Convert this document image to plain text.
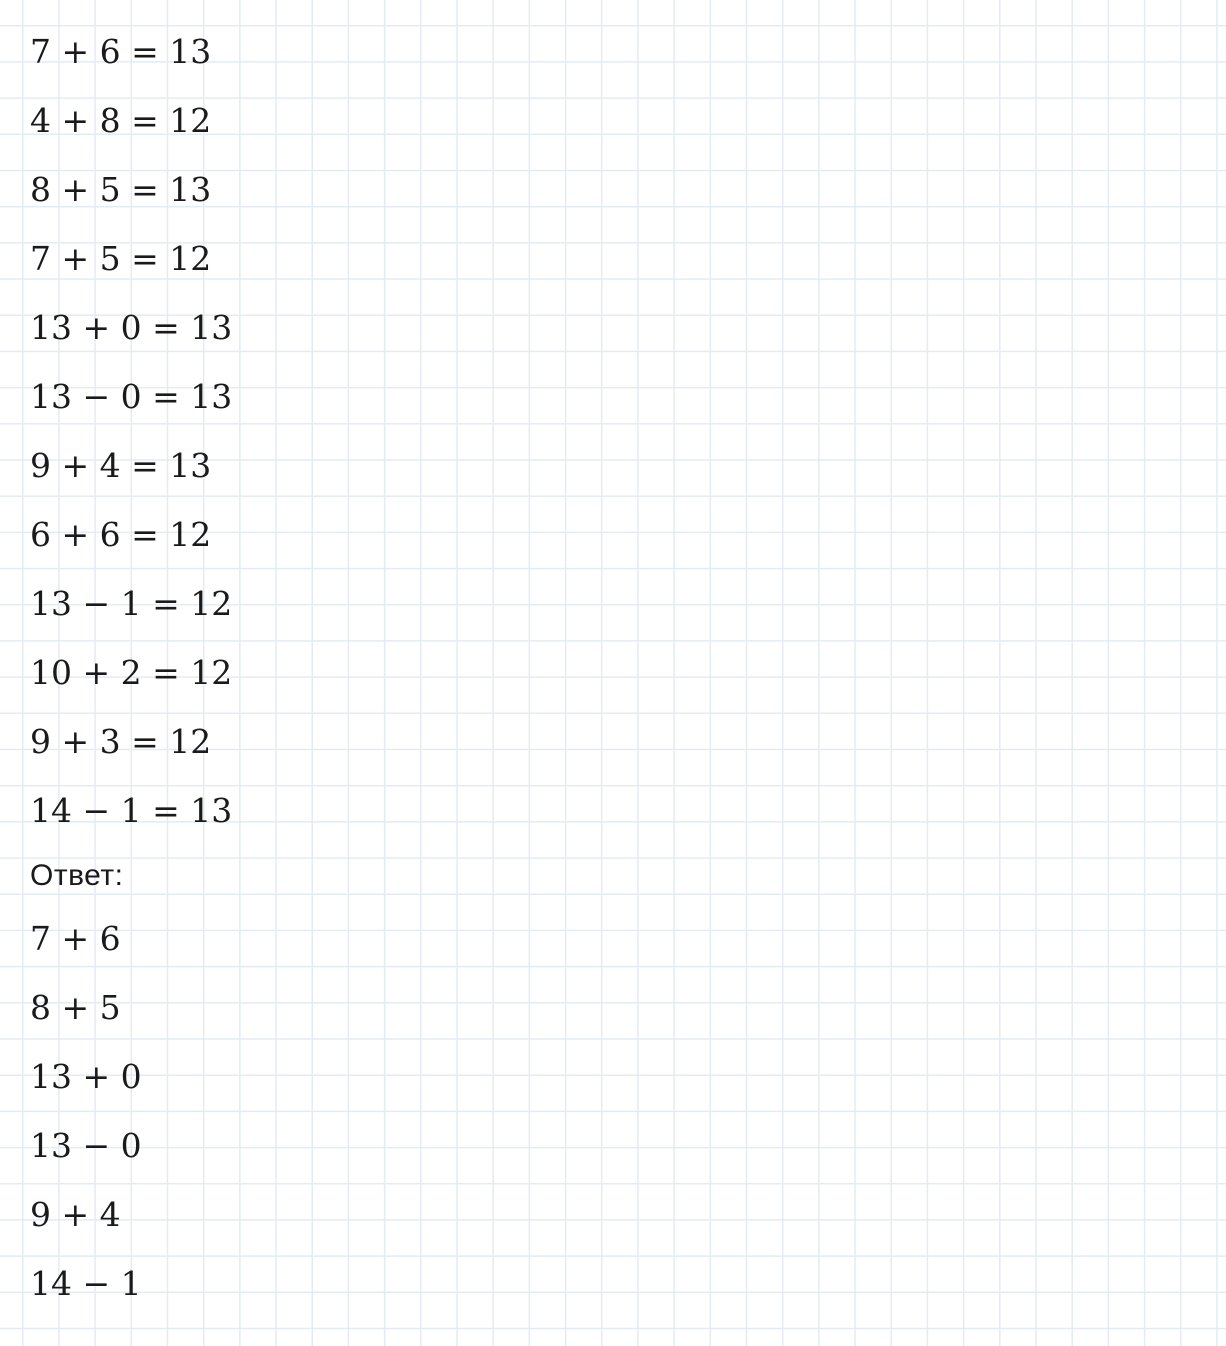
7 + 6 = 13
4 + 8 = 12
8 + 5 = 13
7 + 5 = 12
13 + 0 = 13
13 − 0 = 13
9 + 4 = 13
6 + 6 = 12
13 − 1 = 12
10 + 2 = 12
9 + 3 = 12
14 − 1 = 13
Ответ:
7 + 6
8 + 5
13 + 0
13 − 0
9 + 4
14 − 1
